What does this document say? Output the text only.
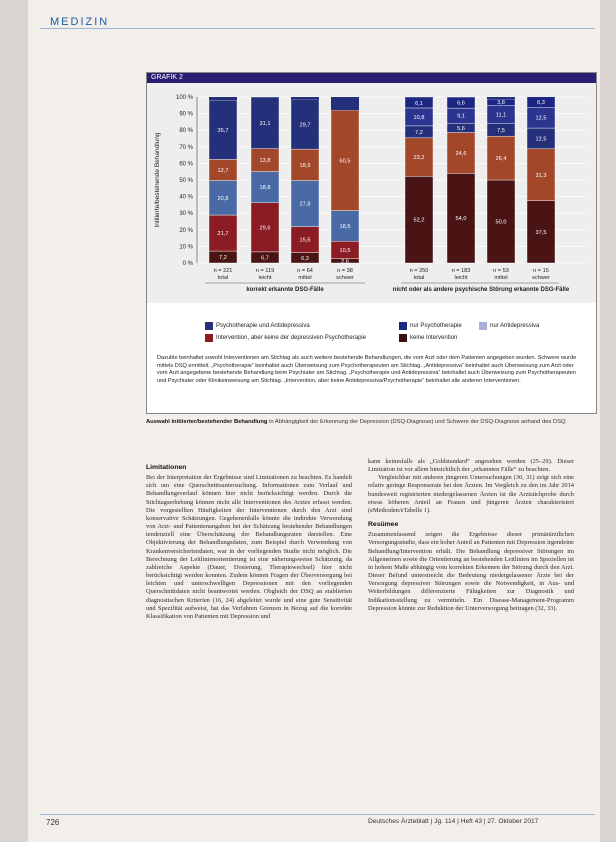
MEDIZIN
GRAFIK 2
Initiierte/bestehende Behandlung
0 %
10 %
20 %
30 %
40 %
50 %
60 %
70 %
80 %
90 %
100 %
7,2
21,7
20,8
12,7
35,7
n = 221
total
6,7
29,6
18,8
13,8
31,1
n = 119
leicht
6,3
15,6
27,8
18,9
29,7
n = 64
mittel
2,6
10,5
18,5
60,5
n = 38
schwer
52,2
23,2
7,2
10,8
6,1
n = 250
total
54,0
24,6
5,6
9,1
6,6
n = 183
leicht
50,0
26,4
7,5
11,1
3,8
n = 53
mittel
37,5
31,3
12,5
12,5
6,3
n = 15
schwer
korrekt erkannte DSG-Fälle	nicht oder als andere psychische Störung erkannte DSG-Fälle
Psychotherapie und Antidepressiva
Intervention, aber keine der depressiven Psychotherapie
nur Psychotherapie	nur Antidepressiva
keine Intervention
Dazuble beinhaltet sowohl Interventionen am Stichtag als auch weitere bestehende Behandlungen, die vom Arzt oder dem Patienten angegeben wurden. Schwere wurde mittels DSQ ermittelt. „Psychotherapie“ beinhaltet auch Überweisung zum Psychotherapeuten am Stichtag. „Antidepressiva“ beinhaltet auch Überweisung zum Arzt oder vom Arzt angegebene bestehende Behandlung beim Psychiater am Stichtag. „Psychotherapie und Antidepressiva“ beinhaltet auch Überweisung zum Psychotherapeuten und Psychiater oder Klinikeinweisung am Stichtag. „Intervention, aber keine Antidepressiva/Psychotherapie“ beinhaltet alle anderen Interventionen.
Auswahl initiierter/bestehender Behandlung in Abhängigkeit der Erkennung der Depression (DSQ-Diagnose) und Schwere der DSQ-Diagnose anhand des DSQ
Limitationen

Bei der Interpretation der Ergebnisse sind Limitationen zu beachten. Es handelt sich um eine Querschnittsuntersuchung. Informationen zum Verlauf und Behandlungsverlauf können hier nicht berücksichtigt werden. Durch die Stichtagserhebung können nicht alle Interventionen des Arztes erfasst werden. Die vorgestellten Häufigkeiten der Interventionen durch den Arzt sind konservative Schätzungen. Gegebenenfalls könnte die indirekte Verwendung von Arzt- und Patientenangaben bei der Schätzung bestehender Behandlungen tendenziell eine Überschätzung der Behandlungsraten darstellen. Eine Objektivierung der Behandlungsdaten, zum Beispiel durch Verwendung von Krankenversichertendaten, war in der vorliegenden Studie nicht möglich. Die Berechnung der Leitlinienorientierung ist eine näherungsweise Schätzung, da zahlreiche Aspekte (Dauer, Dosierung, Therapiewechsel) hier nicht berücksichtigt werden konnten. Zudem können Fragen der Überversorgung bei leichten und unterschwelligen Depressionen mit den vorliegenden Querschnittdaten nicht beantwortet werden. Obgleich der DSQ an etablierten diagnostischen Kriterien (16, 24) abgeleitet wurde und eine gute Sensitivität und Spezifität aufweist, hat das Verfahren Grenzen in Bezug auf die korrekte Klassifikation von Patienten mit Depression und

kann keinesfalls als „Goldstandard“ angesehen werden (25–29). Dieser Limitation ist vor allem hinsichtlich der „erkannten Fälle“ zu beachten.

Vergleichbar mit anderen jüngeren Untersuchungen (30, 31) zeigt sich eine relativ geringe Responserate bei den Ärzten. Im Vergleich zu den im Jahr 2014 bundesweit registrierten niedergelassenen Ärzten ist die Arztstichprobe durch etwas höheren Anteil an Frauen und jüngeren Ärzten charakterisiert (eMethoden/eTabelle 1).

Resümee

Zusammenfassend zeigen die Ergebnisse dieser primärärztlichen Versorgungsstudie, dass ein hoher Anteil an Patienten mit Depression irgendeine Behandlung/Intervention erhält. Die Behandlung depressiver Störungen im Allgemeinen sowie die Orientierung an bestehenden Leitlinien im Speziellen ist in hohem Maße abhängig vom korrekten Erkennen der Störung durch den Arzt. Dieser Befund unterstreicht die Bedeutung niedergelassener Ärzte bei der Versorgung depressiver Störungen sowie die Notwendigkeit, in Aus- und Weiterbildungen differenzierte Fähigkeiten zur Diagnostik und Indikationsstellung zu vermitteln. Ein Disease-Management-Programm Depression könnte zur Reduktion der Unterversorgung beitragen (32, 33).

726	Deutsches Ärzteblatt | Jg. 114 | Heft 43 | 27. Oktober 2017
